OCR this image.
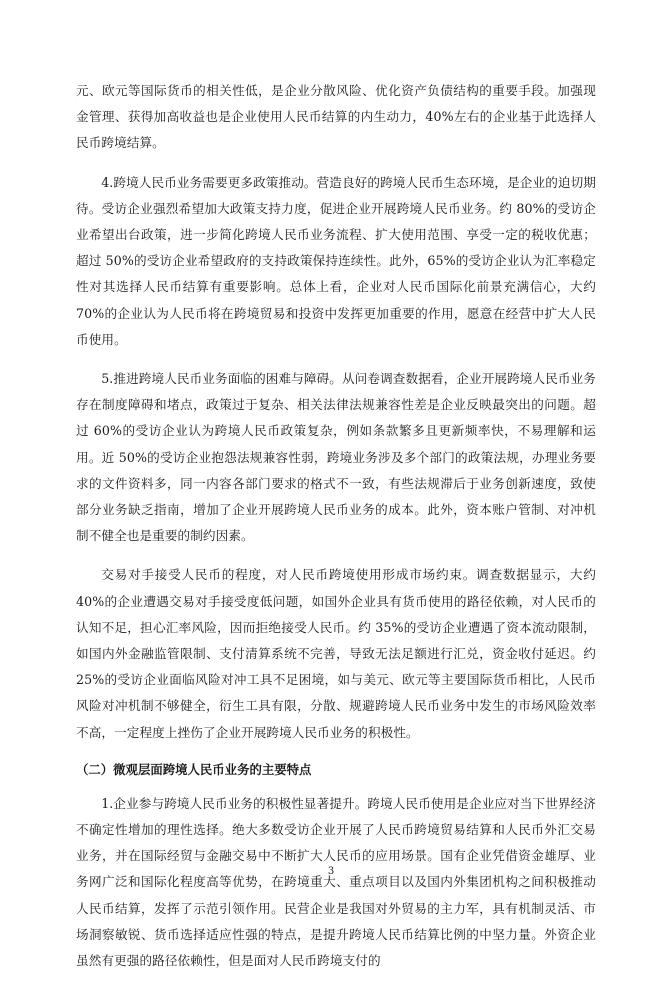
元、欧元等国际货币的相关性低，是企业分散风险、优化资产负债结构的重要手段。加强现金管理、获得加高收益也是企业使用人民币结算的内生动力，40%左右的企业基于此选择人民币跨境结算。

4.跨境人民币业务需要更多政策推动。营造良好的跨境人民币生态环境，是企业的迫切期待。受访企业强烈希望加大政策支持力度，促进企业开展跨境人民币业务。约 80%的受访企业希望出台政策，进一步简化跨境人民币业务流程、扩大使用范围、享受一定的税收优惠；超过 50%的受访企业希望政府的支持政策保持连续性。此外，65%的受访企业认为汇率稳定性对其选择人民币结算有重要影响。总体上看，企业对人民币国际化前景充满信心，大约 70%的企业认为人民币将在跨境贸易和投资中发挥更加重要的作用，愿意在经营中扩大人民币使用。

5.推进跨境人民币业务面临的困难与障碍。从问卷调查数据看，企业开展跨境人民币业务存在制度障碍和堵点，政策过于复杂、相关法律法规兼容性差是企业反映最突出的问题。超过 60%的受访企业认为跨境人民币政策复杂，例如条款繁多且更新频率快，不易理解和运用。近 50%的受访企业抱怨法规兼容性弱，跨境业务涉及多个部门的政策法规，办理业务要求的文件资料多，同一内容各部门要求的格式不一致，有些法规滞后于业务创新速度，致使部分业务缺乏指南，增加了企业开展跨境人民币业务的成本。此外，资本账户管制、对冲机制不健全也是重要的制约因素。

交易对手接受人民币的程度，对人民币跨境使用形成市场约束。调查数据显示，大约 40%的企业遭遇交易对手接受度低问题，如国外企业具有货币使用的路径依赖，对人民币的认知不足，担心汇率风险，因而拒绝接受人民币。约 35%的受访企业遭遇了资本流动限制，如国内外金融监管限制、支付清算系统不完善，导致无法足额进行汇兑，资金收付延迟。约 25%的受访企业面临风险对冲工具不足困境，如与美元、欧元等主要国际货币相比，人民币风险对冲机制不够健全，衍生工具有限，分散、规避跨境人民币业务中发生的市场风险效率不高，一定程度上挫伤了企业开展跨境人民币业务的积极性。

（二）微观层面跨境人民币业务的主要特点

1.企业参与跨境人民币业务的积极性显著提升。跨境人民币使用是企业应对当下世界经济不确定性增加的理性选择。绝大多数受访企业开展了人民币跨境贸易结算和人民币外汇交易业务，并在国际经贸与金融交易中不断扩大人民币的应用场景。国有企业凭借资金雄厚、业务网广泛和国际化程度高等优势，在跨境重大、重点项目以及国内外集团机构之间积极推动人民币结算，发挥了示范引领作用。民营企业是我国对外贸易的主力军，具有机制灵活、市场洞察敏锐、货币选择适应性强的特点，是提升跨境人民币结算比例的中坚力量。外资企业虽然有更强的路径依赖性，但是面对人民币跨境支付的

3
